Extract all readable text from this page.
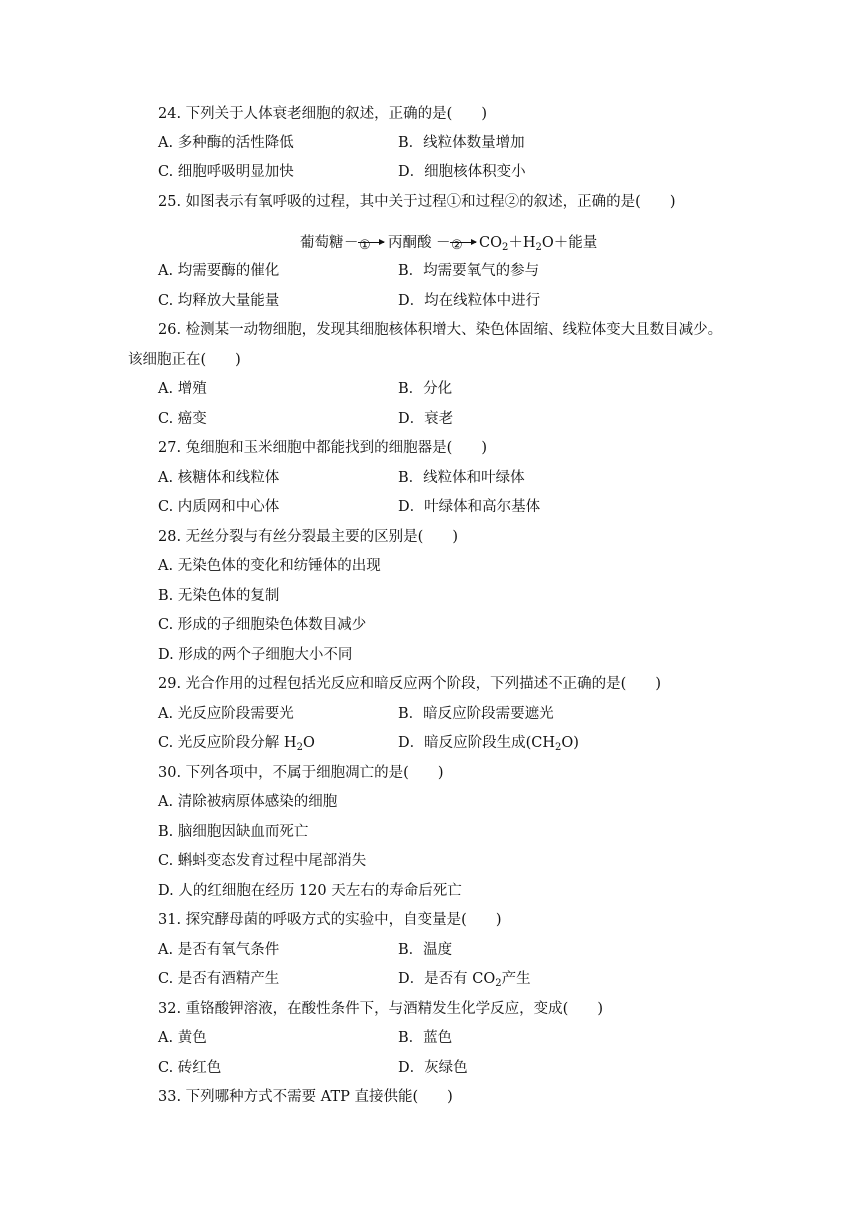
24. 下列关于人体衰老细胞的叙述，正确的是(　　)
A. 多种酶的活性降低	B．线粒体数量增加
C. 细胞呼吸明显加快	D．细胞核体积变小
25. 如图表示有氧呼吸的过程，其中关于过程①和过程②的叙述，正确的是(　　)
葡萄糖 － ① 丙酮酸 － ② $CO_2+H_2O+$能量
A. 均需要酶的催化	B．均需要氧气的参与
C. 均释放大量能量	D．均在线粒体中进行
26. 检测某一动物细胞，发现其细胞核体积增大、染色体固缩、线粒体变大且数目减少。
该细胞正在(　　)
A. 增殖	B．分化
C. 癌变	D．衰老
27. 兔细胞和玉米细胞中都能找到的细胞器是(　　)
A. 核糖体和线粒体	B．线粒体和叶绿体
C. 内质网和中心体	D．叶绿体和高尔基体
28. 无丝分裂与有丝分裂最主要的区别是(　　)
A. 无染色体的变化和纺锤体的出现
B. 无染色体的复制
C. 形成的子细胞染色体数目减少
D. 形成的两个子细胞大小不同
29. 光合作用的过程包括光反应和暗反应两个阶段，下列描述不正确的是(　　)
A. 光反应阶段需要光	B．暗反应阶段需要遮光
C. 光反应阶段分解 $H_2O$	D．暗反应阶段生成$(CH_2O)$
30. 下列各项中，不属于细胞凋亡的是(　　)
A. 清除被病原体感染的细胞
B. 脑细胞因缺血而死亡
C. 蝌蚪变态发育过程中尾部消失
D. 人的红细胞在经历 120 天左右的寿命后死亡
31. 探究酵母菌的呼吸方式的实验中，自变量是(　　)
A. 是否有氧气条件	B．温度
C. 是否有酒精产生	D．是否有 $CO_2$产生
32. 重铬酸钾溶液，在酸性条件下，与酒精发生化学反应，变成(　　)
A. 黄色	B．蓝色
C. 砖红色	D．灰绿色
33. 下列哪种方式不需要 ATP 直接供能(　　)
